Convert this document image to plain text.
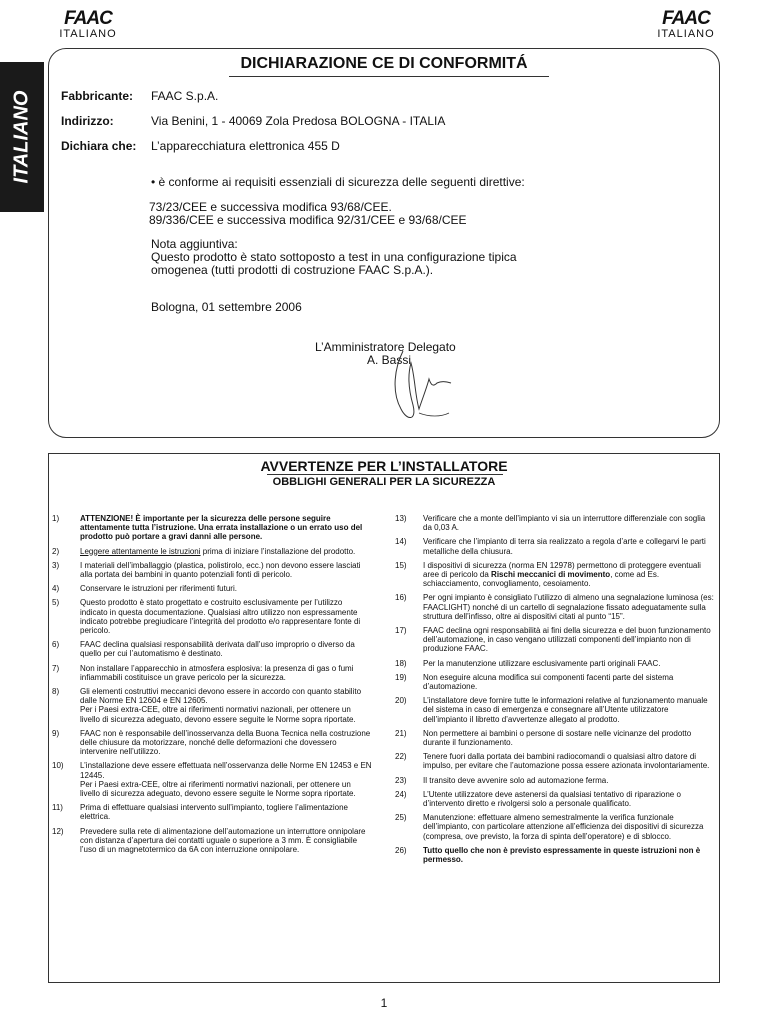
FAAC
ITALIANO
FAAC
ITALIANO
ITALIANO
DICHIARAZIONE CE DI CONFORMITÁ
Fabbricante: FAAC S.p.A.
Indirizzo:	Via Benini, 1 - 40069 Zola Predosa BOLOGNA - ITALIA
Dichiara che: L’apparecchiatura elettronica 455 D
• è conforme ai requisiti essenziali di sicurezza delle seguenti direttive:
73/23/CEE e successiva modifica 93/68/CEE.
89/336/CEE e successiva modifica 92/31/CEE e 93/68/CEE
Nota aggiuntiva:
Questo prodotto è stato sottoposto a test in una configurazione tipica
omogenea (tutti prodotti di costruzione FAAC S.p.A.).
Bologna, 01 settembre 2006
L’Amministratore Delegato
A. Bassi
AVVERTENZE PER L’INSTALLATORE
OBBLIGHI GENERALI PER LA SICUREZZA
1)	ATTENZIONE! È importante per la sicurezza delle persone seguire attentamente tutta l’istruzione. Una errata installazione o un errato uso del prodotto può portare a gravi danni alle persone.
2)	Leggere attentamente le istruzioni prima di iniziare l’installazione del prodotto.
3)	I materiali dell’imballaggio (plastica, polistirolo, ecc.) non devono essere lasciati alla portata dei bambini in quanto potenziali fonti di pericolo.
4)	Conservare le istruzioni per riferimenti futuri.
5)	Questo prodotto è stato progettato e costruito esclusivamente per l’utilizzo indicato in questa documentazione. Qualsiasi altro utilizzo non espressamente indicato potrebbe pregiudicare l’integrità del prodotto e/o rappresentare fonte di pericolo.
6)	FAAC declina qualsiasi responsabilità derivata dall’uso improprio o diverso da quello per cui l’automatismo è destinato.
7)	Non installare l’apparecchio in atmosfera esplosiva: la presenza di gas o fumi infiammabili costituisce un grave pericolo per la sicurezza.
8)	Gli elementi costruttivi meccanici devono essere in accordo con quanto stabilito dalle Norme EN 12604 e EN 12605.
Per i Paesi extra-CEE, oltre ai riferimenti normativi nazionali, per ottenere un livello di sicurezza adeguato, devono essere seguite le Norme sopra riportate.
9)	FAAC non è responsabile dell’inosservanza della Buona Tecnica nella costruzione delle chiusure da motorizzare, nonché delle deformazioni che dovessero intervenire nell’utilizzo.
10)	L’installazione deve essere effettuata nell’osservanza delle Norme EN 12453 e EN 12445.
Per i Paesi extra-CEE, oltre ai riferimenti normativi nazionali, per ottenere un livello di sicurezza adeguato, devono essere seguite le Norme sopra riportate.
11)	Prima di effettuare qualsiasi intervento sull’impianto, togliere l’alimentazione elettrica.
12)	Prevedere sulla rete di alimentazione dell’automazione un interruttore onnipolare con distanza d’apertura dei contatti uguale o superiore a 3 mm. È consigliabile l’uso di un magnetotermico da 6A con interruzione onnipolare.
13)	Verificare che a monte dell’impianto vi sia un interruttore differenziale con soglia da 0,03 A.
14)	Verificare che l’impianto di terra sia realizzato a regola d’arte e collegarvi le parti metalliche della chiusura.
15)	I dispositivi di sicurezza (norma EN 12978) permettono di proteggere eventuali aree di pericolo da Rischi meccanici di movimento, come ad Es. schiacciamento, convogliamento, cesoiamento.
16)	Per ogni impianto è consigliato l’utilizzo di almeno una segnalazione luminosa (es: FAACLIGHT) nonché di un cartello di segnalazione fissato adeguatamente sulla struttura dell’infisso, oltre ai dispositivi citati al punto “15”.
17)	FAAC declina ogni responsabilità ai fini della sicurezza e del buon funzionamento dell’automazione, in caso vengano utilizzati componenti dell’impianto non di produzione FAAC.
18)	Per la manutenzione utilizzare esclusivamente parti originali FAAC.
19)	Non eseguire alcuna modifica sui componenti facenti parte del sistema d’automazione.
20)	L’installatore deve fornire tutte le informazioni relative al funzionamento manuale del sistema in caso di emergenza e consegnare all’Utente utilizzatore dell’impianto il libretto d’avvertenze allegato al prodotto.
21)	Non permettere ai bambini o persone di sostare nelle vicinanze del prodotto durante il funzionamento.
22)	Tenere fuori dalla portata dei bambini radiocomandi o qualsiasi altro datore di impulso, per evitare che l’automazione possa essere azionata involontariamente.
23)	Il transito deve avvenire solo ad automazione ferma.
24)	L’Utente utilizzatore deve astenersi da qualsiasi tentativo di riparazione o d’intervento diretto e rivolgersi solo a personale qualificato.
25)	Manutenzione: effettuare almeno semestralmente la verifica funzionale dell’impianto, con particolare attenzione all’efficienza dei dispositivi di sicurezza (compresa, ove previsto, la forza di spinta dell’operatore) e di sblocco.
26)	Tutto quello che non è previsto espressamente in queste istruzioni non è permesso.
1
